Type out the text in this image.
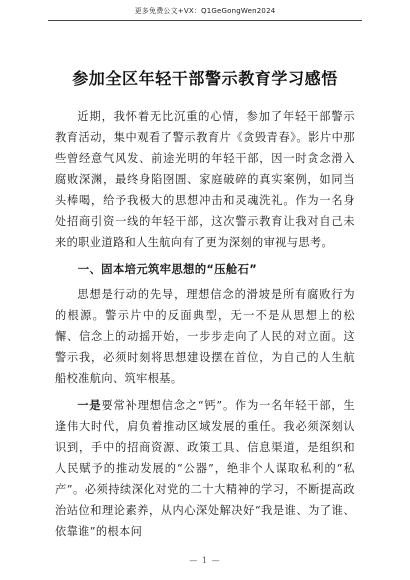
更多免费公文+VX：Q1GeGongWen2024
参加全区年轻干部警示教育学习感悟

近期，我怀着无比沉重的心情，参加了年轻干部警示教育活动，集中观看了警示教育片《贪毁青春》。影片中那些曾经意气风发、前途光明的年轻干部，因一时贪念滑入腐败深渊，最终身陷囹圄、家庭破碎的真实案例，如同当头棒喝，给予我极大的思想冲击和灵魂洗礼。作为一名身处招商引资一线的年轻干部，这次警示教育让我对自己未来的职业道路和人生航向有了更为深刻的审视与思考。

一、固本培元筑牢思想的“压舱石”

思想是行动的先导，理想信念的滑坡是所有腐败行为的根源。警示片中的反面典型，无一不是从思想上的松懈、信念上的动摇开始，一步步走向了人民的对立面。这警示我，必须时刻将思想建设摆在首位，为自己的人生航船校准航向、筑牢根基。

一是要常补理想信念之“钙”。作为一名年轻干部，生逢伟大时代，肩负着推动区域发展的重任。我必须深刻认识到，手中的招商资源、政策工具、信息渠道，是组织和人民赋予的推动发展的“公器”，绝非个人谋取私利的“私产”。必须持续深化对党的二十大精神的学习，不断提高政治站位和理论素养，从内心深处解决好“我是谁、为了谁、依靠谁”的根本问

— 1 —
